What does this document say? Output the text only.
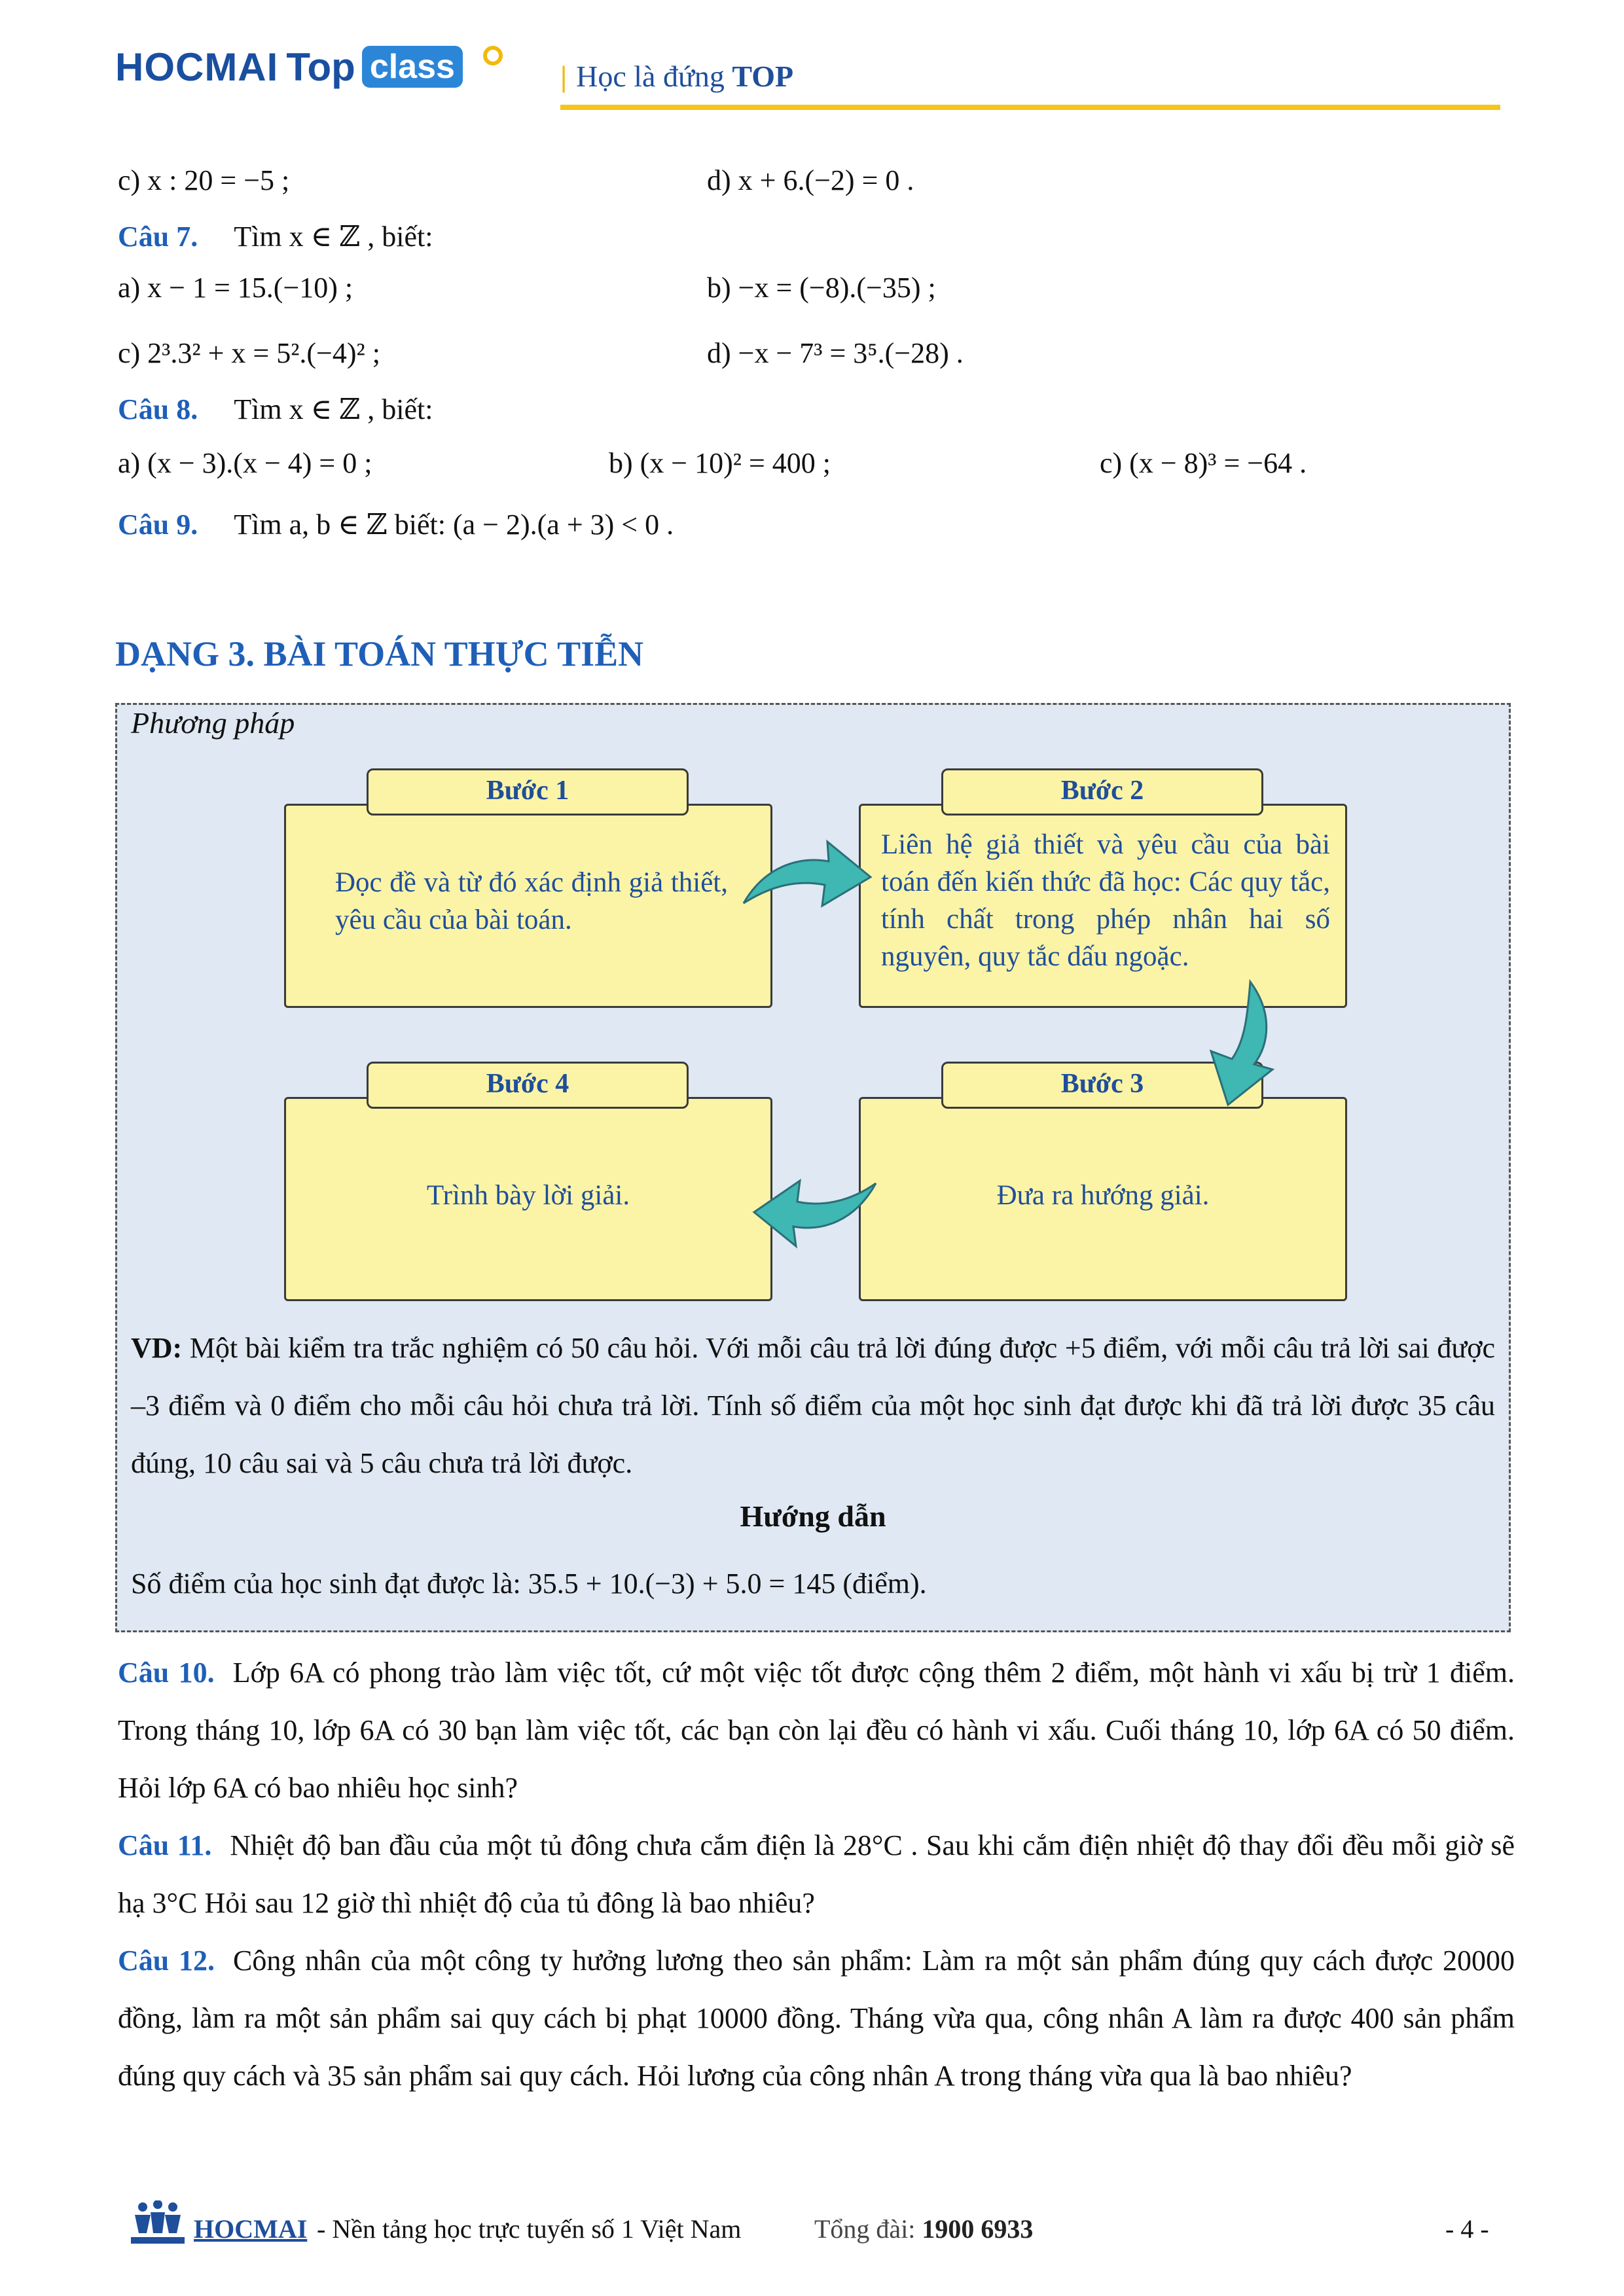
HOCMAI Top class	| Học là đứng TOP
c) x : 20 = −5 ;	d) x + 6.(−2) = 0 .
Câu 7. Tìm x ∈ ℤ , biết:
a) x − 1 = 15.(−10) ;	b) −x = (−8).(−35) ;
c) 2³.3² + x = 5².(−4)² ;	d) −x − 7³ = 3⁵.(−28) .
Câu 8. Tìm x ∈ ℤ , biết:
a) (x − 3).(x − 4) = 0 ;	b) (x − 10)² = 400 ;	c) (x − 8)³ = −64 .
Câu 9. Tìm a, b ∈ ℤ biết: (a − 2).(a + 3) < 0 .
DẠNG 3. BÀI TOÁN THỰC TIỄN
Phương pháp
Bước 1
Đọc đề và từ đó xác định giả thiết, yêu cầu của bài toán.
Bước 2
Liên hệ giả thiết và yêu cầu của bài toán đến kiến thức đã học: Các quy tắc, tính chất trong phép nhân hai số nguyên, quy tắc dấu ngoặc.
Bước 4
Trình bày lời giải.
Bước 3
Đưa ra hướng giải.
VD: Một bài kiểm tra trắc nghiệm có 50 câu hỏi. Với mỗi câu trả lời đúng được +5 điểm, với mỗi câu trả lời sai được –3 điểm và 0 điểm cho mỗi câu hỏi chưa trả lời. Tính số điểm của một học sinh đạt được khi đã trả lời được 35 câu đúng, 10 câu sai và 5 câu chưa trả lời được.
Hướng dẫn
Số điểm của học sinh đạt được là: 35.5 + 10.(−3) + 5.0 = 145 (điểm).
Câu 10. Lớp 6A có phong trào làm việc tốt, cứ một việc tốt được cộng thêm 2 điểm, một hành vi xấu bị trừ 1 điểm. Trong tháng 10, lớp 6A có 30 bạn làm việc tốt, các bạn còn lại đều có hành vi xấu. Cuối tháng 10, lớp 6A có 50 điểm. Hỏi lớp 6A có bao nhiêu học sinh?
Câu 11. Nhiệt độ ban đầu của một tủ đông chưa cắm điện là 28°C . Sau khi cắm điện nhiệt độ thay đổi đều mỗi giờ sẽ hạ 3°C Hỏi sau 12 giờ thì nhiệt độ của tủ đông là bao nhiêu?
Câu 12. Công nhân của một công ty hưởng lương theo sản phẩm: Làm ra một sản phẩm đúng quy cách được 20000 đồng, làm ra một sản phẩm sai quy cách bị phạt 10000 đồng. Tháng vừa qua, công nhân A làm ra được 400 sản phẩm đúng quy cách và 35 sản phẩm sai quy cách. Hỏi lương của công nhân A trong tháng vừa qua là bao nhiêu?
HOCMAI - Nền tảng học trực tuyến số 1 Việt Nam	Tổng đài: 1900 6933	- 4 -
